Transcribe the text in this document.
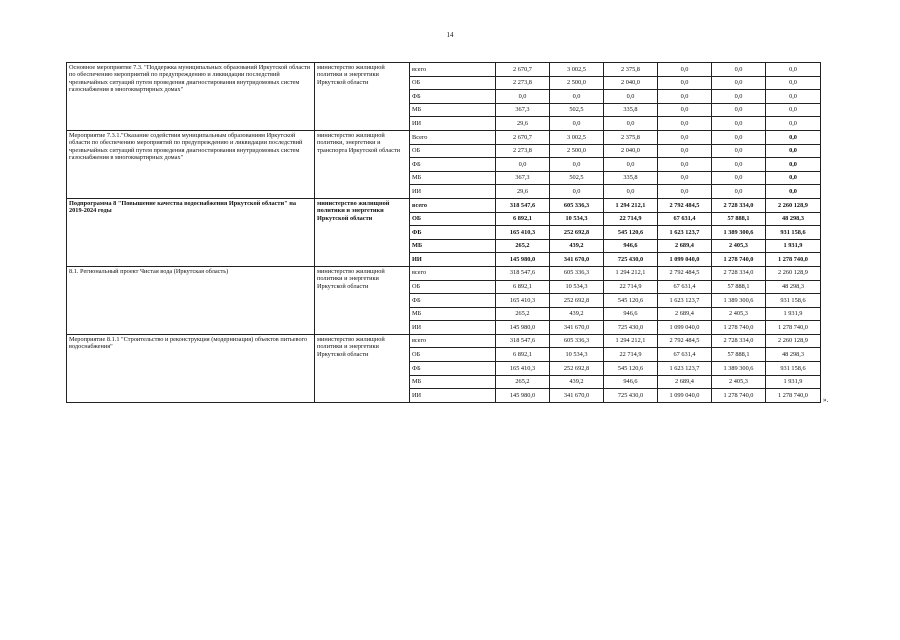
14
Основное мероприятие 7.3. "Поддержка муниципальных образований Иркутской области по обеспечению мероприятий по предупреждению и ликвидации последствий чрезвычайных ситуаций путем проведения диагностирования внутридомовых систем газоснабжения в многоквартирных домах"	министерство жилищной политики и энергетики Иркутской области	всего	2 670,7	3 002,5	2 375,8	0,0	0,0	0,0
		ОБ	2 273,8	2 500,0	2 040,0	0,0	0,0	0,0
		ФБ	0,0	0,0	0,0	0,0	0,0	0,0
		МБ	367,3	502,5	335,8	0,0	0,0	0,0
		ИИ	29,6	0,0	0,0	0,0	0,0	0,0
Мероприятие 7.3.1."Оказание содействия муниципальным образованиям Иркутской области по обеспечению мероприятий по предупреждению и ликвидации последствий чрезвычайных ситуаций путем проведения диагностирования внутридомовых систем газоснабжения в многоквартирных домах"	министерство жилищной политики, энергетики и транспорта Иркутской области	Всего	2 670,7	3 002,5	2 375,8	0,0	0,0	0,0
		ОБ	2 273,8	2 500,0	2 040,0	0,0	0,0	0,0
		ФБ	0,0	0,0	0,0	0,0	0,0	0,0
		МБ	367,3	502,5	335,8	0,0	0,0	0,0
		ИИ	29,6	0,0	0,0	0,0	0,0	0,0
Подпрограмма 8 "Повышение качества водоснабжения Иркутской области" на 2019-2024 годы	министерство жилищной политики и энергетики Иркутской области	всего	318 547,6	605 336,3	1 294 212,1	2 792 484,5	2 728 334,0	2 260 128,9
		ОБ	6 892,1	10 534,3	22 714,9	67 631,4	57 888,1	48 298,3
		ФБ	165 410,3	252 692,8	545 120,6	1 623 123,7	1 389 300,6	931 158,6
		МБ	265,2	439,2	946,6	2 689,4	2 405,3	1 931,9
		ИИ	145 980,0	341 670,0	725 430,0	1 099 040,0	1 278 740,0	1 278 740,0
8.1. Региональный проект Чистая вода (Иркутская область)	министерство жилищной политики и энергетики Иркутской области	всего	318 547,6	605 336,3	1 294 212,1	2 792 484,5	2 728 334,0	2 260 128,9
		ОБ	6 892,1	10 534,3	22 714,9	67 631,4	57 888,1	48 298,3
		ФБ	165 410,3	252 692,8	545 120,6	1 623 123,7	1 389 300,6	931 158,6
		МБ	265,2	439,2	946,6	2 689,4	2 405,3	1 931,9
		ИИ	145 980,0	341 670,0	725 430,0	1 099 040,0	1 278 740,0	1 278 740,0
Мероприятие 8.1.1 "Строительство и реконструкция (модернизация) объектов питьевого водоснабжения"	министерство жилищной политики и энергетики Иркутской области	всего	318 547,6	605 336,3	1 294 212,1	2 792 484,5	2 728 334,0	2 260 128,9
		ОБ	6 892,1	10 534,3	22 714,9	67 631,4	57 888,1	48 298,3
		ФБ	165 410,3	252 692,8	545 120,6	1 623 123,7	1 389 300,6	931 158,6
		МБ	265,2	439,2	946,6	2 689,4	2 405,3	1 931,9
		ИИ	145 980,0	341 670,0	725 430,0	1 099 040,0	1 278 740,0	1 278 740,0
».
